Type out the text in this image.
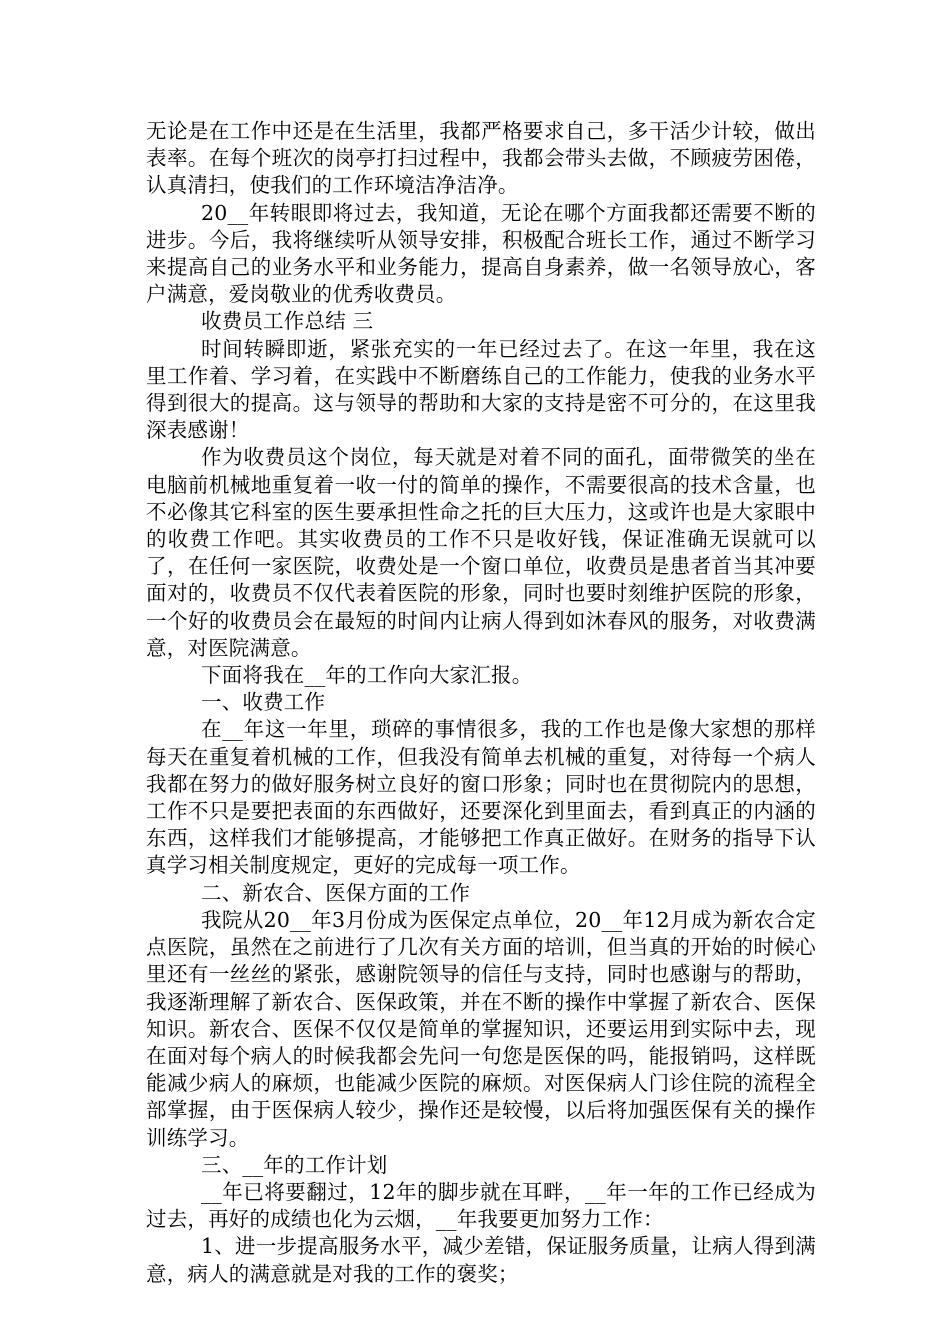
无论是在工作中还是在生活里，我都严格要求自己，多干活少计较，做出表率。在每个班次的岗亭打扫过程中，我都会带头去做，不顾疲劳困倦，认真清扫，使我们的工作环境洁净洁净。

20__年转眼即将过去，我知道，无论在哪个方面我都还需要不断的进步。今后，我将继续听从领导安排，积极配合班长工作，通过不断学习来提高自己的业务水平和业务能力，提高自身素养，做一名领导放心，客户满意，爱岗敬业的优秀收费员。

收费员工作总结 三

时间转瞬即逝，紧张充实的一年已经过去了。在这一年里，我在这里工作着、学习着，在实践中不断磨练自己的工作能力，使我的业务水平得到很大的提高。这与领导的帮助和大家的支持是密不可分的，在这里我深表感谢！

作为收费员这个岗位，每天就是对着不同的面孔，面带微笑的坐在电脑前机械地重复着一收一付的简单的操作，不需要很高的技术含量，也不必像其它科室的医生要承担性命之托的巨大压力，这或许也是大家眼中的收费工作吧。其实收费员的工作不只是收好钱，保证准确无误就可以了，在任何一家医院，收费处是一个窗口单位，收费员是患者首当其冲要面对的，收费员不仅代表着医院的形象，同时也要时刻维护医院的形象，一个好的收费员会在最短的时间内让病人得到如沐春风的服务，对收费满意，对医院满意。

下面将我在__年的工作向大家汇报。

一、收费工作

在__年这一年里，琐碎的事情很多，我的工作也是像大家想的那样每天在重复着机械的工作，但我没有简单去机械的重复，对待每一个病人我都在努力的做好服务树立良好的窗口形象；同时也在贯彻院内的思想，工作不只是要把表面的东西做好，还要深化到里面去，看到真正的内涵的东西，这样我们才能够提高，才能够把工作真正做好。在财务的指导下认真学习相关制度规定，更好的完成每一项工作。

二、新农合、医保方面的工作

我院从20__年3月份成为医保定点单位，20__年12月成为新农合定点医院，虽然在之前进行了几次有关方面的培训，但当真的开始的时候心里还有一丝丝的紧张，感谢院领导的信任与支持，同时也感谢与的帮助，我逐渐理解了新农合、医保政策，并在不断的操作中掌握了新农合、医保知识。新农合、医保不仅仅是简单的掌握知识，还要运用到实际中去，现在面对每个病人的时候我都会先问一句您是医保的吗，能报销吗，这样既能减少病人的麻烦，也能减少医院的麻烦。对医保病人门诊住院的流程全部掌握，由于医保病人较少，操作还是较慢，以后将加强医保有关的操作训练学习。

三、__年的工作计划

__年已将要翻过，12年的脚步就在耳畔，__年一年的工作已经成为过去，再好的成绩也化为云烟，__年我要更加努力工作：

1、进一步提高服务水平，减少差错，保证服务质量，让病人得到满意，病人的满意就是对我的工作的褒奖；
